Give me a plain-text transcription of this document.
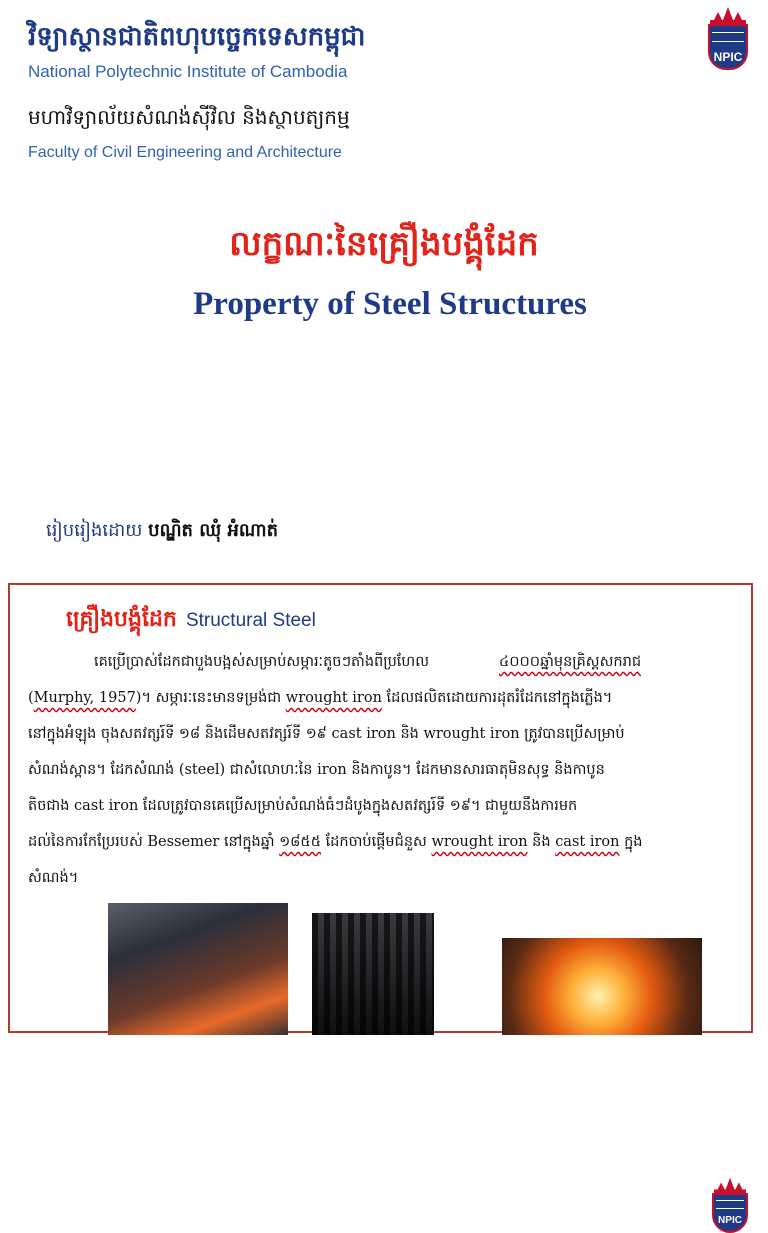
វិទ្យាស្ថានជាតិពហុបច្ចេកទេសកម្ពុជា
National Polytechnic Institute of Cambodia
មហាវិទ្យាល័យសំណង់ស៊ីវិល និងស្ថាបត្យកម្ម
Faculty of Civil Engineering and Architecture
NPIC
លក្ខណៈនៃគ្រឿងបង្គុំដែក
Property of Steel Structures
រៀបរៀងដោយ បណ្ឌិត ឈុំ អំណាត់
គ្រឿងបង្គុំដែក Structural Steel
NPIC
គេប្រើប្រាស់ដែកជាបួងបង្អស់សម្រាប់សម្ភារៈតូចៗតាំងពីប្រហែល	៤០០០ឆ្នាំមុនគ្រិស្តសករាជ
(Murphy, 1957)។ សម្ភារៈនេះមានទម្រង់ជា wrought iron ដែលផលិតដោយការដុតរំដែកនៅក្នុងភ្លើង។
នៅក្នុងអំឡុង ចុងសតវត្សរ៍ទី ១៨ និងដើមសតវត្សរ៍ទី ១៩ cast iron និង wrought iron ត្រូវបានប្រើសម្រាប់
សំណង់ស្ពាន។ ដែកសំណង់ (steel) ជាសំលោហៈនៃ iron និងកាបូន។ ដែកមានសារធាតុមិនសុទ្ធ និងកាបូន
តិចជាង cast iron ដែលត្រូវបានគេប្រើសម្រាប់សំណង់ធំៗដំបូងក្នុងសតវត្សរ៍ទី ១៩។ ជាមួយនឹងការមក
ដល់នៃការកែប្រែរបស់ Bessemer នៅក្នុងឆ្នាំ ១៨៥៥ ដែកចាប់ផ្តើមជំនួស wrought iron និង cast iron ក្នុង
សំណង់។
